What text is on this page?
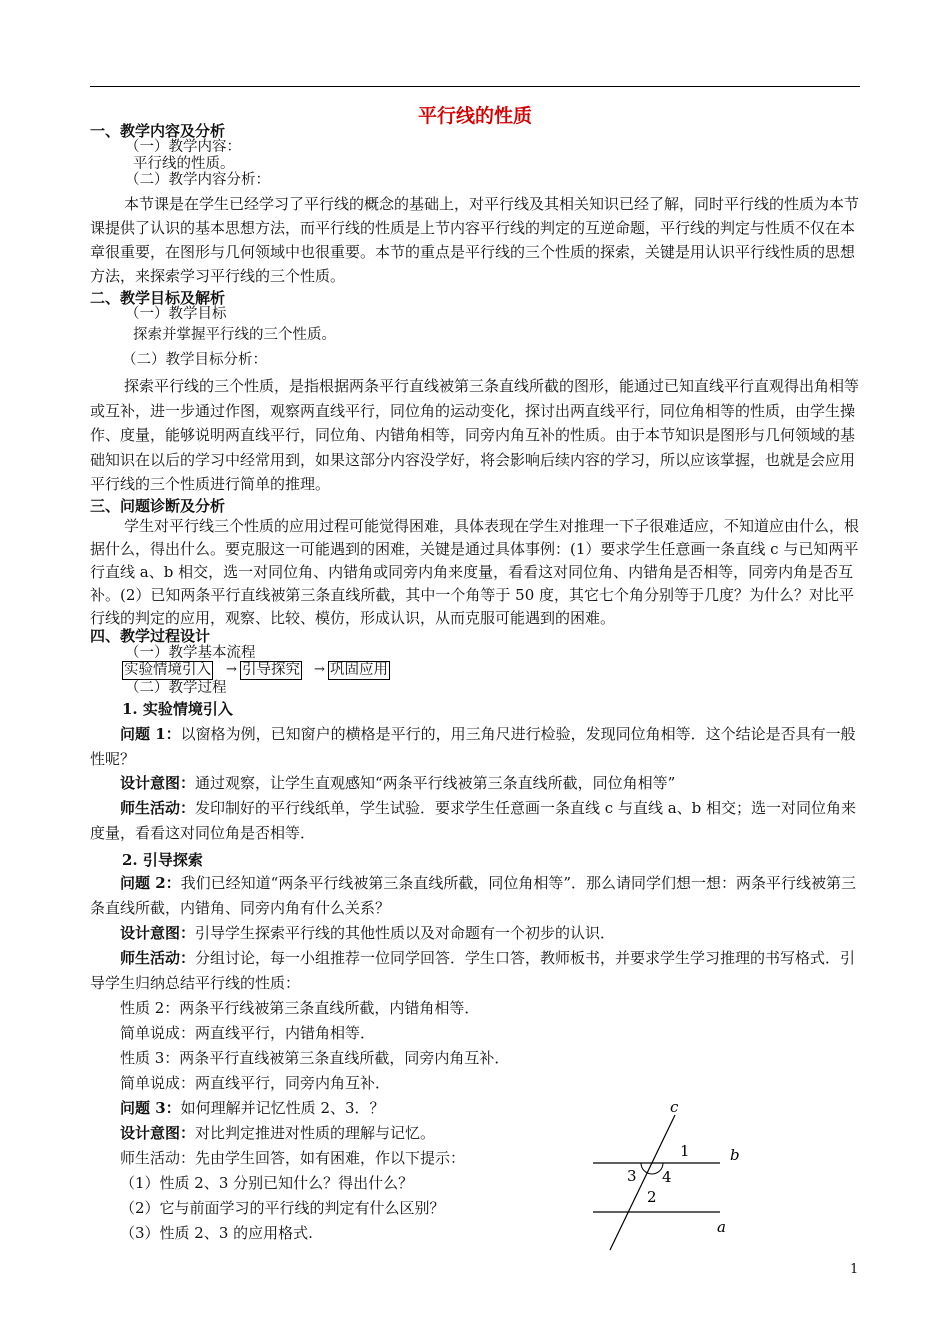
平行线的性质
一、教学内容及分析
（一）教学内容：
平行线的性质。
（二）教学内容分析：
本节课是在学生已经学习了平行线的概念的基础上，对平行线及其相关知识已经了解，同时平行线的性质为本节课提供了认识的基本思想方法，而平行线的性质是上节内容平行线的判定的互逆命题，平行线的判定与性质不仅在本章很重要，在图形与几何领域中也很重要。本节的重点是平行线的三个性质的探索，关键是用认识平行线性质的思想方法，来探索学习平行线的三个性质。
二、教学目标及解析
（一）教学目标
探索并掌握平行线的三个性质。
（二）教学目标分析：
探索平行线的三个性质，是指根据两条平行直线被第三条直线所截的图形，能通过已知直线平行直观得出角相等或互补，进一步通过作图，观察两直线平行，同位角的运动变化，探讨出两直线平行，同位角相等的性质，由学生操作、度量，能够说明两直线平行，同位角、内错角相等，同旁内角互补的性质。由于本节知识是图形与几何领域的基础知识在以后的学习中经常用到，如果这部分内容没学好，将会影响后续内容的学习，所以应该掌握，也就是会应用平行线的三个性质进行简单的推理。
三、问题诊断及分析
学生对平行线三个性质的应用过程可能觉得困难，具体表现在学生对推理一下子很难适应，不知道应由什么，根据什么，得出什么。要克服这一可能遇到的困难，关键是通过具体事例：(1）要求学生任意画一条直线 c 与已知两平行直线 a、b 相交，选一对同位角、内错角或同旁内角来度量，看看这对同位角、内错角是否相等，同旁内角是否互补。(2）已知两条平行直线被第三条直线所截，其中一个角等于 50 度，其它七个角分别等于几度？为什么？对比平行线的判定的应用，观察、比较、模仿，形成认识，从而克服可能遇到的困难。
四、教学过程设计
（一）教学基本流程
实验情境引入 → 引导探究 → 巩固应用
（二）教学过程
1. 实验情境引入
问题 1：以窗格为例，已知窗户的横格是平行的，用三角尺进行检验，发现同位角相等．这个结论是否具有一般性呢？
设计意图：通过观察，让学生直观感知“两条平行线被第三条直线所截，同位角相等”
师生活动：发印制好的平行线纸单，学生试验．要求学生任意画一条直线 c 与直线 a、b 相交；选一对同位角来度量，看看这对同位角是否相等．
2. 引导探索
问题 2：我们已经知道“两条平行线被第三条直线所截，同位角相等”．那么请同学们想一想：两条平行线被第三条直线所截，内错角、同旁内角有什么关系？
设计意图：引导学生探索平行线的其他性质以及对命题有一个初步的认识．
师生活动：分组讨论，每一小组推荐一位同学回答．学生口答，教师板书，并要求学生学习推理的书写格式．引导学生归纳总结平行线的性质：
性质 2：两条平行线被第三条直线所截，内错角相等．
简单说成：两直线平行，内错角相等．
性质 3：两条平行直线被第三条直线所截，同旁内角互补．
简单说成：两直线平行，同旁内角互补．
问题 3：如何理解并记忆性质 2、3．？
设计意图：对比判定推进对性质的理解与记忆。
师生活动：先由学生回答，如有困难，作以下提示：
（1）性质 2、3 分别已知什么？得出什么？
（2）它与前面学习的平行线的判定有什么区别？
（3）性质 2、3 的应用格式.
c
b
a
1
3 4
2
1
